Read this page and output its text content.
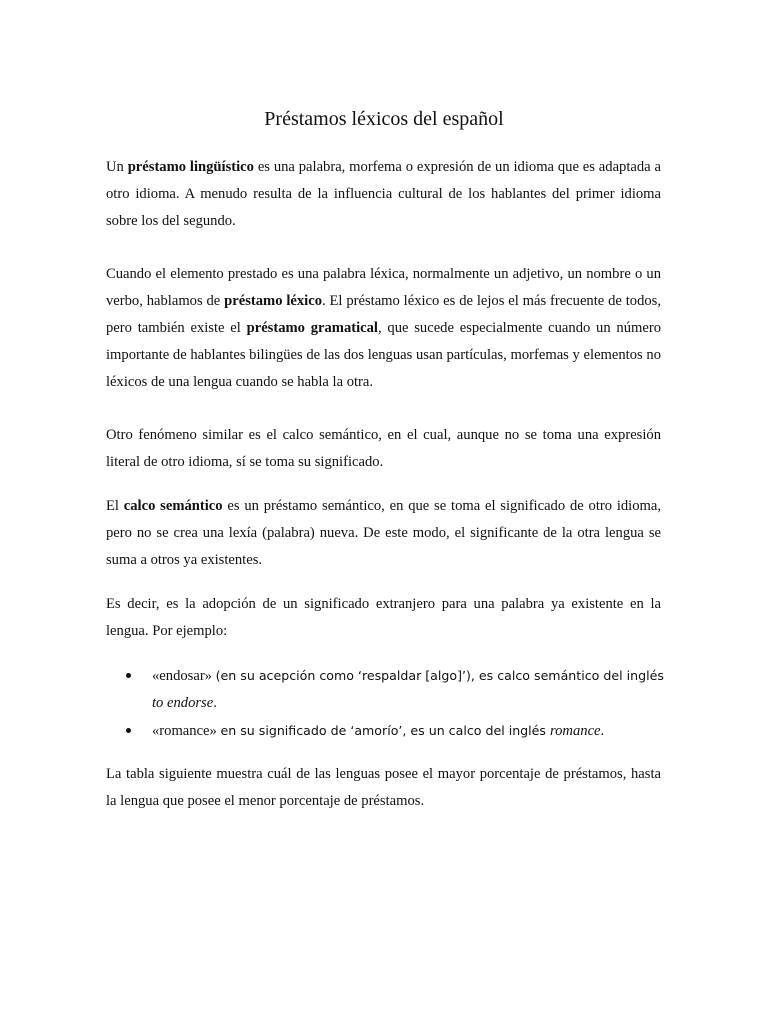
Préstamos léxicos del español

Un préstamo lingüístico es una palabra, morfema o expresión de un idioma que es adaptada a otro idioma. A menudo resulta de la influencia cultural de los hablantes del primer idioma sobre los del segundo.

Cuando el elemento prestado es una palabra léxica, normalmente un adjetivo, un nombre o un verbo, hablamos de préstamo léxico. El préstamo léxico es de lejos el más frecuente de todos, pero también existe el préstamo gramatical, que sucede especialmente cuando un número importante de hablantes bilingües de las dos lenguas usan partículas, morfemas y elementos no léxicos de una lengua cuando se habla la otra.

Otro fenómeno similar es el calco semántico, en el cual, aunque no se toma una expresión literal de otro idioma, sí se toma su significado.

El calco semántico es un préstamo semántico, en que se toma el significado de otro idioma, pero no se crea una lexía (palabra) nueva. De este modo, el significante de la otra lengua se suma a otros ya existentes.

Es decir, es la adopción de un significado extranjero para una palabra ya existente en la lengua. Por ejemplo:

«endosar» (en su acepción como ‘respaldar [algo]’), es calco semántico del inglés to endorse.
«romance» en su significado de ‘amorío’, es un calco del inglés romance.

La tabla siguiente muestra cuál de las lenguas posee el mayor porcentaje de préstamos, hasta la lengua que posee el menor porcentaje de préstamos.
